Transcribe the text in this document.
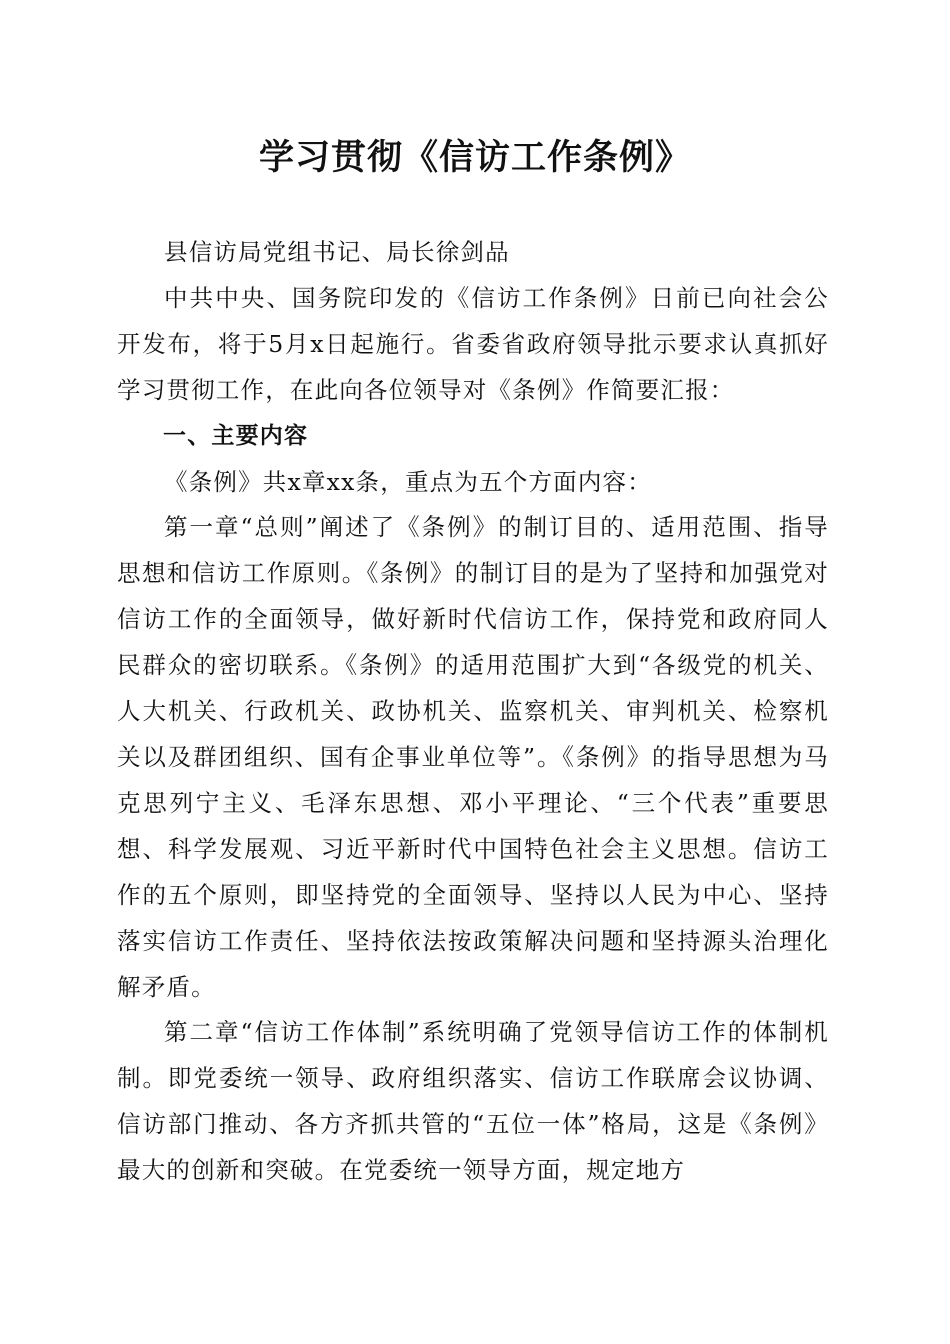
学习贯彻《信访工作条例》

县信访局党组书记、局长徐剑品

中共中央、国务院印发的《信访工作条例》日前已向社会公开发布，将于5月x日起施行。省委省政府领导批示要求认真抓好学习贯彻工作，在此向各位领导对《条例》作简要汇报：

一、主要内容

《条例》共x章xx条，重点为五个方面内容：

第一章“总则”阐述了《条例》的制订目的、适用范围、指导思想和信访工作原则。《条例》的制订目的是为了坚持和加强党对信访工作的全面领导，做好新时代信访工作，保持党和政府同人民群众的密切联系。《条例》的适用范围扩大到“各级党的机关、人大机关、行政机关、政协机关、监察机关、审判机关、检察机关以及群团组织、国有企事业单位等”。《条例》的指导思想为马克思列宁主义、毛泽东思想、邓小平理论、“三个代表”重要思想、科学发展观、习近平新时代中国特色社会主义思想。信访工作的五个原则，即坚持党的全面领导、坚持以人民为中心、坚持落实信访工作责任、坚持依法按政策解决问题和坚持源头治理化解矛盾。

第二章“信访工作体制”系统明确了党领导信访工作的体制机制。即党委统一领导、政府组织落实、信访工作联席会议协调、信访部门推动、各方齐抓共管的“五位一体”格局，这是《条例》最大的创新和突破。在党委统一领导方面，规定地方
